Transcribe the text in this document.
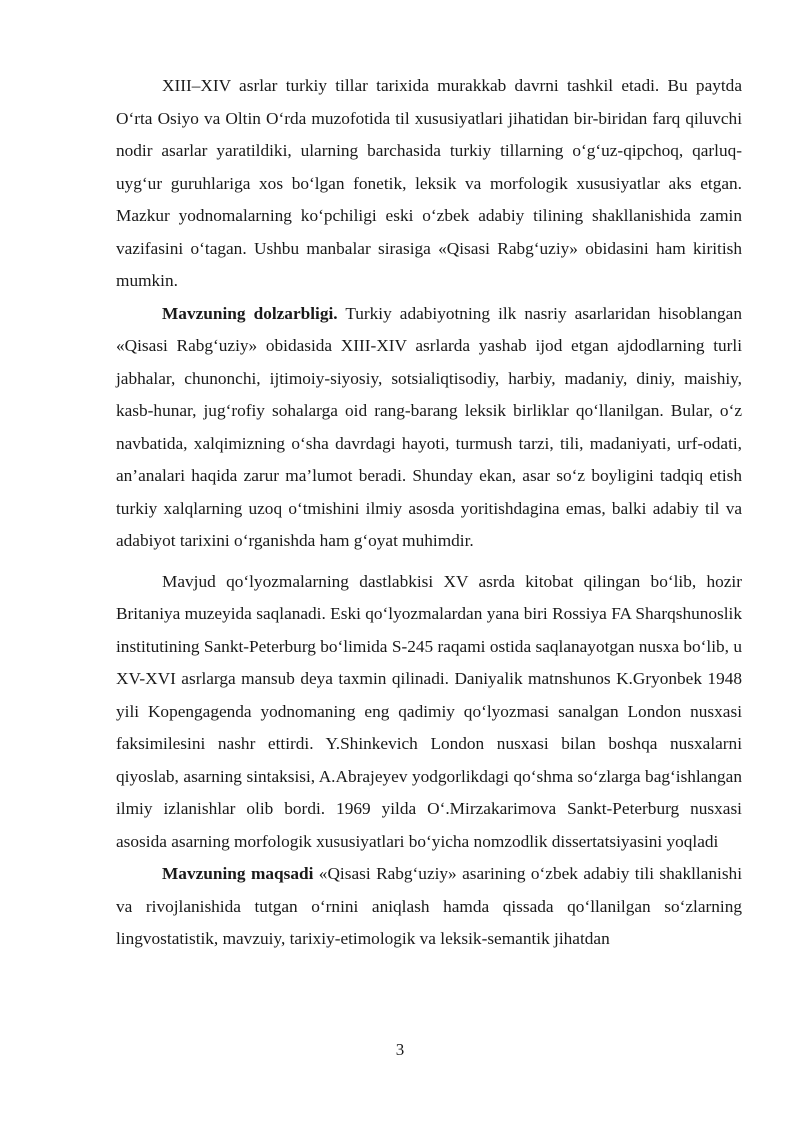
XIII–XIV asrlar turkiy tillar tarixida murakkab davrni tashkil etadi. Bu paytda O‘rta Osiyo va Oltin O‘rda muzofotida til xususiyatlari jihatidan bir-biridan farq qiluvchi nodir asarlar yaratildiki, ularning barchasida turkiy tillarning o‘g‘uz-qipchoq, qarluq-uyg‘ur guruhlariga xos bo‘lgan fonetik, leksik va morfologik xususiyatlar aks etgan. Mazkur yodnomalarning ko‘pchiligi eski o‘zbek adabiy tilining shakllanishida zamin vazifasini o‘tagan. Ushbu manbalar sirasiga «Qisasi Rabg‘uziy» obidasini ham kiritish mumkin.

Mavzuning dolzarbligi. Turkiy adabiyotning ilk nasriy asarlaridan hisoblangan «Qisasi Rabg‘uziy» obidasida XIII-XIV asrlarda yashab ijod etgan ajdodlarning turli jabhalar, chunonchi, ijtimoiy-siyosiy, sotsialiqtisodiy, harbiy, madaniy, diniy, maishiy, kasb-hunar, jug‘rofiy sohalarga oid rang-barang leksik birliklar qo‘llanilgan. Bular, o‘z navbatida, xalqimizning o‘sha davrdagi hayoti, turmush tarzi, tili, madaniyati, urf-odati, an’analari haqida zarur ma’lumot beradi. Shunday ekan, asar so‘z boyligini tadqiq etish turkiy xalqlarning uzoq o‘tmishini ilmiy asosda yoritishdagina emas, balki adabiy til va adabiyot tarixini o‘rganishda ham g‘oyat muhimdir.

Mavjud qo‘lyozmalarning dastlabkisi XV asrda kitobat qilingan bo‘lib, hozir Britaniya muzeyida saqlanadi. Eski qo‘lyozmalardan yana biri Rossiya FA Sharqshunoslik institutining Sankt-Peterburg bo‘limida S-245 raqami ostida saqlanayotgan nusxa bo‘lib, u XV-XVI asrlarga mansub deya taxmin qilinadi. Daniyalik matnshunos K.Gryonbek 1948 yili Kopengagenda yodnomaning eng qadimiy qo‘lyozmasi sanalgan London nusxasi faksimilesini nashr ettirdi. Y.Shinkevich London nusxasi bilan boshqa nusxalarni qiyoslab, asarning sintaksisi, A.Abrajeyev yodgorlikdagi qo‘shma so‘zlarga bag‘ishlangan ilmiy izlanishlar olib bordi. 1969 yilda O‘.Mirzakarimova Sankt-Peterburg nusxasi asosida asarning morfologik xususiyatlari bo‘yicha nomzodlik dissertatsiyasini yoqladi

Mavzuning maqsadi «Qisasi Rabg‘uziy» asarining o‘zbek adabiy tili shakllanishi va rivojlanishida tutgan o‘rnini aniqlash hamda qissada qo‘llanilgan so‘zlarning lingvostatistik, mavzuiy, tarixiy-etimologik va leksik-semantik jihatdan

3
